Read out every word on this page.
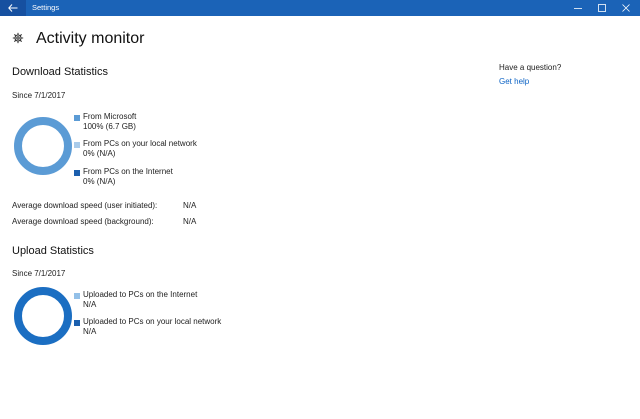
Settings
Activity monitor
Download Statistics
Since 7/1/2017
From Microsoft
100% (6.7 GB)
From PCs on your local network
0% (N/A)
From PCs on the Internet
0% (N/A)
Average download speed (user initiated):	N/A
Average download speed (background):	N/A
Upload Statistics
Since 7/1/2017
Uploaded to PCs on the Internet
N/A
Uploaded to PCs on your local network
N/A
Have a question?
Get help
